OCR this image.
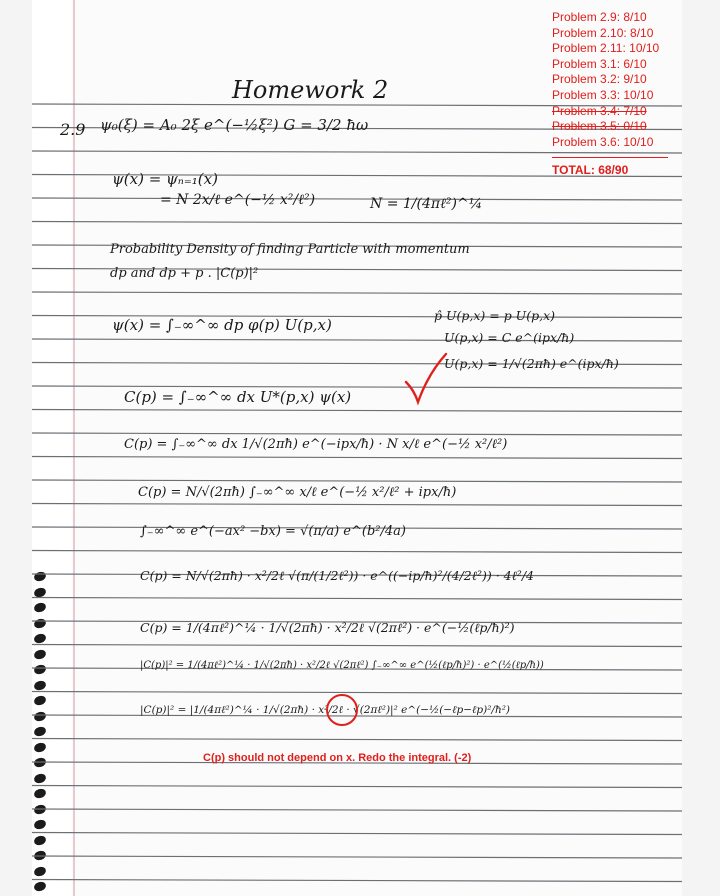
Homework 2
2.9 ψ₀(ξ) = A₀ 2ξ e^(−½ξ²) G = 3/2 ħω
ψ(x) = ψₙ₌₁(x)
= N 2x/ℓ e^(−½ x²/ℓ²)	N = 1/(4πℓ²)^¼
Probability Density of finding Particle with momentum
dp and dp + p . |C(p)|²
ψ(x) = ∫₋∞^∞ dp φ(p) U(p,x)
p̂ U(p,x) = p U(p,x)
U(p,x) = C e^(ipx/ħ)
U(p,x) = 1/√(2πħ) e^(ipx/ħ)
C(p) = ∫₋∞^∞ dx U*(p,x) ψ(x)
C(p) = ∫₋∞^∞ dx 1/√(2πħ) e^(−ipx/ħ) · N x/ℓ e^(−½ x²/ℓ²)
C(p) = N/√(2πħ) ∫₋∞^∞ x/ℓ e^(−½ x²/ℓ² + ipx/ħ)
∫₋∞^∞ e^(−ax² −bx) = √(π/a) e^(b²/4a)
C(p) = N/√(2πħ) · x²/2ℓ √(π/(1/2ℓ²)) · e^((−ip/ħ)²/(4/2ℓ²)) · 4ℓ²/4
C(p) = 1/(4πℓ²)^¼ · 1/√(2πħ) · x²/2ℓ √(2πℓ²) · e^(−½(ℓp/ħ)²)
|C(p)|² = 1/(4πℓ²)^¼ · 1/√(2πħ) · x²/2ℓ √(2πℓ²) ∫₋∞^∞ e^(½(ℓp/ħ)²) · e^(½(ℓp/ħ))
|C(p)|² = |1/(4πℓ²)^¼ · 1/√(2πħ) · x²/2ℓ · √(2πℓ²)|² e^(−½(−ℓp−ℓp)²/ħ²)
C(p) should not depend on x. Redo the integral. (-2)
Problem 2.9: 8/10
Problem 2.10: 8/10
Problem 2.11: 10/10
Problem 3.1: 6/10
Problem 3.2: 9/10
Problem 3.3: 10/10
Problem 3.4: 7/10
Problem 3.5: 0/10
Problem 3.6: 10/10
TOTAL: 68/90
